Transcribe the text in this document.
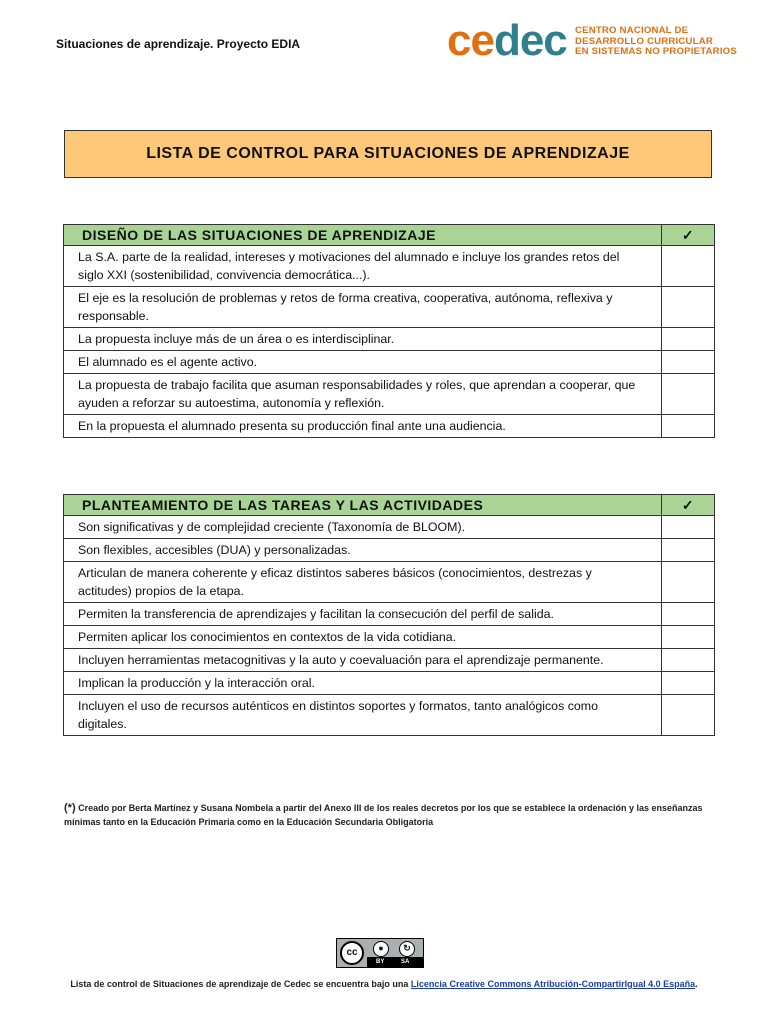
Situaciones de aprendizaje. Proyecto EDIA	cedec CENTRO NACIONAL DE
DESARROLLO CURRICULAR
EN SISTEMAS NO PROPIETARIOS
LISTA DE CONTROL PARA SITUACIONES DE APRENDIZAJE
DISEÑO DE LAS SITUACIONES DE APRENDIZAJE	✓
La S.A. parte de la realidad, intereses y motivaciones del alumnado e incluye los grandes retos del siglo XXI (sostenibilidad, convivencia democrática...).	
El eje es la resolución de problemas y retos de forma creativa, cooperativa, autónoma, reflexiva y responsable.	
La propuesta incluye más de un área o es interdisciplinar.	
El alumnado es el agente activo.	
La propuesta de trabajo facilita que asuman responsabilidades y roles, que aprendan a cooperar, que ayuden a reforzar su autoestima, autonomía y reflexión.	
En la propuesta el alumnado presenta su producción final ante una audiencia.	
PLANTEAMIENTO DE LAS TAREAS Y LAS ACTIVIDADES	✓
Son significativas y de complejidad creciente (Taxonomía de BLOOM).	
Son flexibles, accesibles (DUA) y personalizadas.	
Articulan de manera coherente y eficaz distintos saberes básicos (conocimientos, destrezas y actitudes) propios de la etapa.	
Permiten la transferencia de aprendizajes y facilitan la consecución del perfil de salida.	
Permiten aplicar los conocimientos en contextos de la vida cotidiana.	
Incluyen herramientas metacognitivas y la auto y coevaluación para el aprendizaje permanente.	
Implican la producción y la interacción oral.	
Incluyen el uso de recursos auténticos en distintos soportes y formatos, tanto analógicos como digitales.	
(*) Creado por Berta Martínez y Susana Nombela a partir del Anexo III de los reales decretos por los que se establece la ordenación y las enseñanzas mínimas tanto en la Educación Primaria como en la Educación Secundaria Obligatoria
cc	●	↻
BY	SA
Lista de control de Situaciones de aprendizaje de Cedec se encuentra bajo una Licencia Creative Commons Atribución-CompartirIgual 4.0 España.
